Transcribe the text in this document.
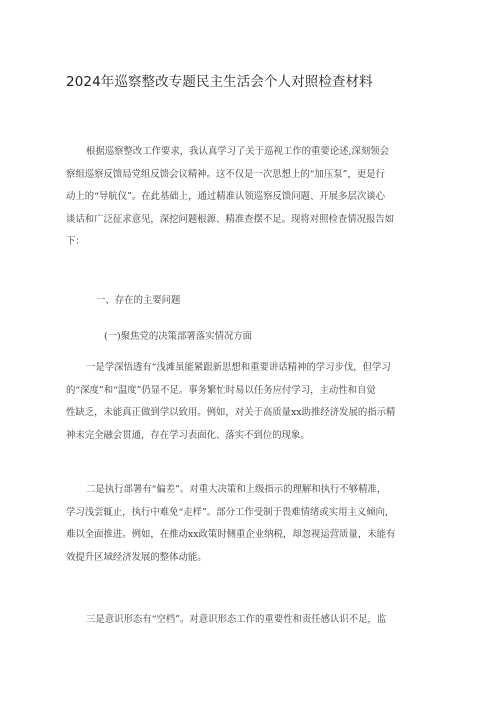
2024年巡察整改专题民主生活会个人对照检查材料
根据巡察整改工作要求，我认真学习了关于巡视工作的重要论述,深刻领会
察组巡察反馈局党组反馈会议精神。这不仅是一次思想上的“加压泵”，更是行
动上的“导航仪”。在此基础上，通过精准认领巡察反馈问题、开展多层次谈心
谈话和广泛征求意见，深挖问题根源、精准查摆不足。现将对照检查情况报告如
下：
一、存在的主要问题
(一)聚焦党的决策部署落实情况方面
一是学深悟透有“浅滩虽能紧跟新思想和重要讲话精神的学习步伐，但学习
的“深度”和“温度”仍显不足。事务繁忙时易以任务应付学习，主动性和自觉
性缺乏，未能真正做到学以致用。例如，对关于高质量xx助推经济发展的指示精
神未完全融会贯通，存在学习表面化、落实不到位的现象。
二是执行部署有“偏差”。对重大决策和上级指示的理解和执行不够精准，
学习浅尝辄止，执行中难免“走样”。部分工作受制于畏难情绪或实用主义倾向,
难以全面推进。例如，在推动xx政策时侧重企业纳税，却忽视运营质量，未能有
效提升区域经济发展的整体动能。
三是意识形态有“空档”。对意识形态工作的重要性和责任感认识不足，监
